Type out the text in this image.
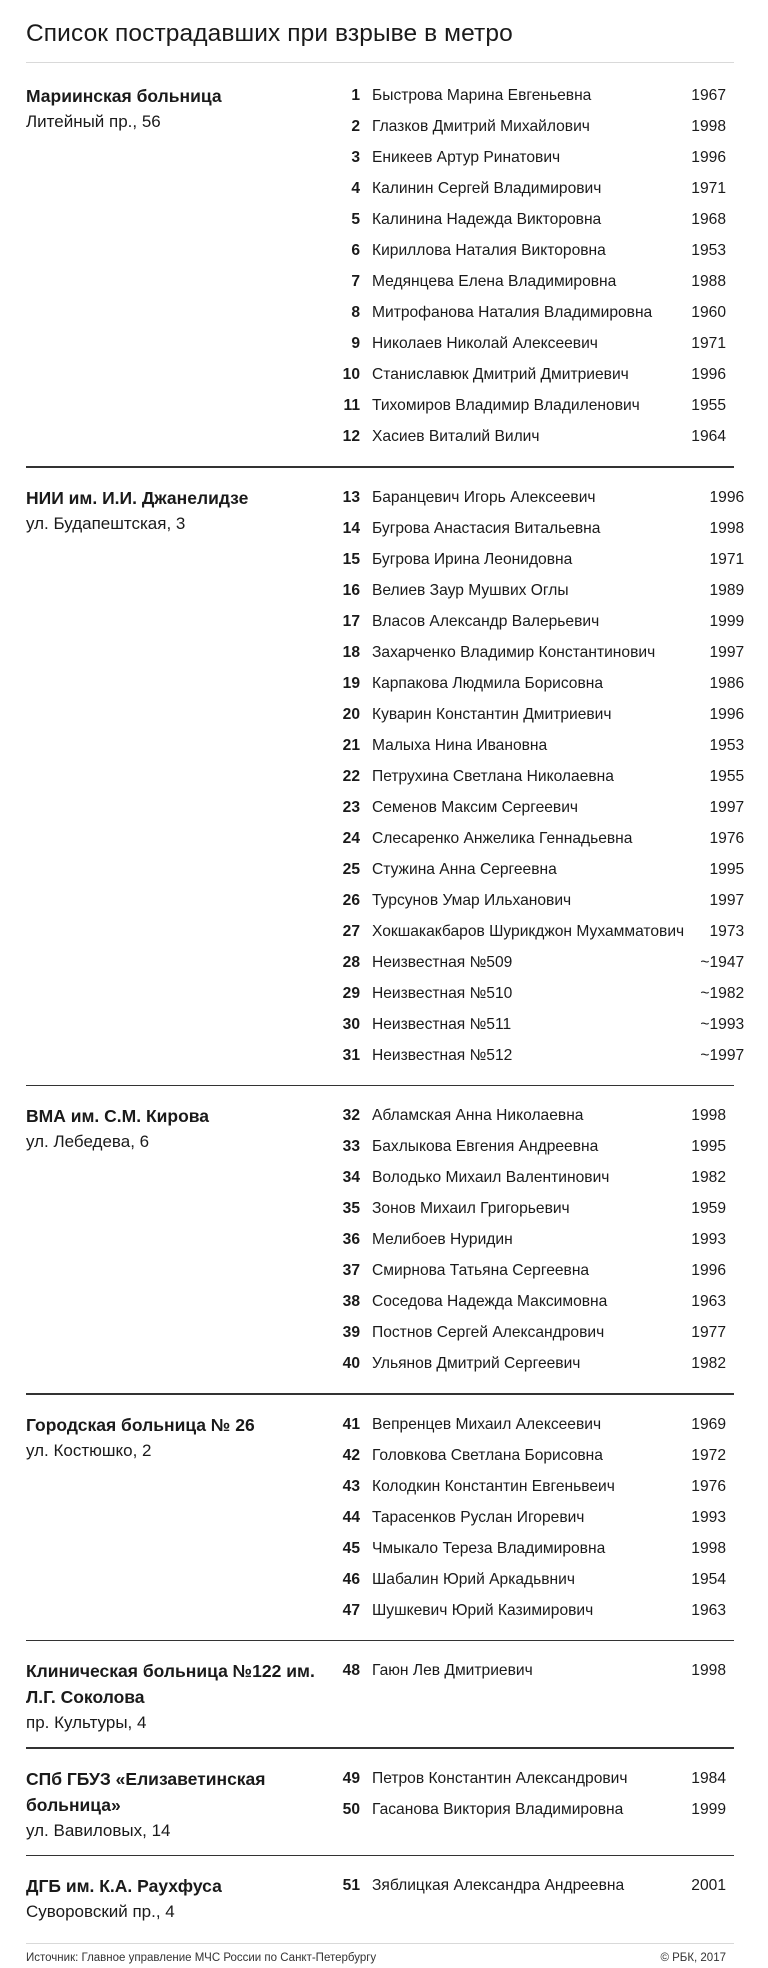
Список пострадавших при взрыве в метро
Мариинская больница
Литейный пр., 56
1 Быстрова Марина Евгеньевна	1967
2 Глазков Дмитрий Михайлович	1998
3 Еникеев Артур Ринатович	1996
4 Калинин Сергей Владимирович	1971
5 Калинина Надежда Викторовна	1968
6 Кириллова Наталия Викторовна	1953
7 Медянцева Елена Владимировна	1988
8 Митрофанова Наталия Владимировна	1960
9 Николаев Николай Алексеевич	1971
10 Станиславюк Дмитрий Дмитриевич	1996
11 Тихомиров Владимир Владиленович	1955
12 Хасиев Виталий Вилич	1964
НИИ им. И.И. Джанелидзе
ул. Будапештская, 3
13 Баранцевич Игорь Алексеевич	1996
14 Бугрова Анастасия Витальевна	1998
15 Бугрова Ирина Леонидовна	1971
16 Велиев Заур Мушвих Оглы	1989
17 Власов Александр Валерьевич	1999
18 Захарченко Владимир Константинович	1997
19 Карпакова Людмила Борисовна	1986
20 Куварин Константин Дмитриевич	1996
21 Малыха Нина Ивановна	1953
22 Петрухина Светлана Николаевна	1955
23 Семенов Максим Сергеевич	1997
24 Слесаренко Анжелика Геннадьевна	1976
25 Стужина Анна Сергеевна	1995
26 Турсунов Умар Ильханович	1997
27 Хокшакакбаров Шурикджон Мухамматович	1973
28 Неизвестная №509	~1947
29 Неизвестная №510	~1982
30 Неизвестная №511	~1993
31 Неизвестная №512	~1997
ВМА им. С.М. Кирова
ул. Лебедева, 6
32 Абламская Анна Николаевна	1998
33 Бахлыкова Евгения Андреевна	1995
34 Володько Михаил Валентинович	1982
35 Зонов Михаил Григорьевич	1959
36 Мелибоев Нуридин	1993
37 Смирнова Татьяна Сергеевна	1996
38 Соседова Надежда Максимовна	1963
39 Постнов Сергей Александрович	1977
40 Ульянов Дмитрий Сергеевич	1982
Городская больница № 26
ул. Костюшко, 2
41 Вепренцев Михаил Алексеевич	1969
42 Головкова Светлана Борисовна	1972
43 Колодкин Константин Евгеньвеич	1976
44 Тарасенков Руслан Игоревич	1993
45 Чмыкало Тереза Владимировна	1998
46 Шабалин Юрий Аркадьвнич	1954
47 Шушкевич Юрий Казимирович	1963
Клиническая больница №122 им. Л.Г. Соколова
пр. Культуры, 4
48 Гаюн Лев Дмитриевич	1998
СПб ГБУЗ «Елизаветинская больница»
ул. Вавиловых, 14
49 Петров Константин Александрович	1984
50 Гасанова Виктория Владимировна	1999
ДГБ им. К.А. Раухфуса
Суворовский пр., 4
51 Зяблицкая Александра Андреевна	2001
Источник: Главное управление МЧС России по Санкт-Петербургу	© РБК, 2017
